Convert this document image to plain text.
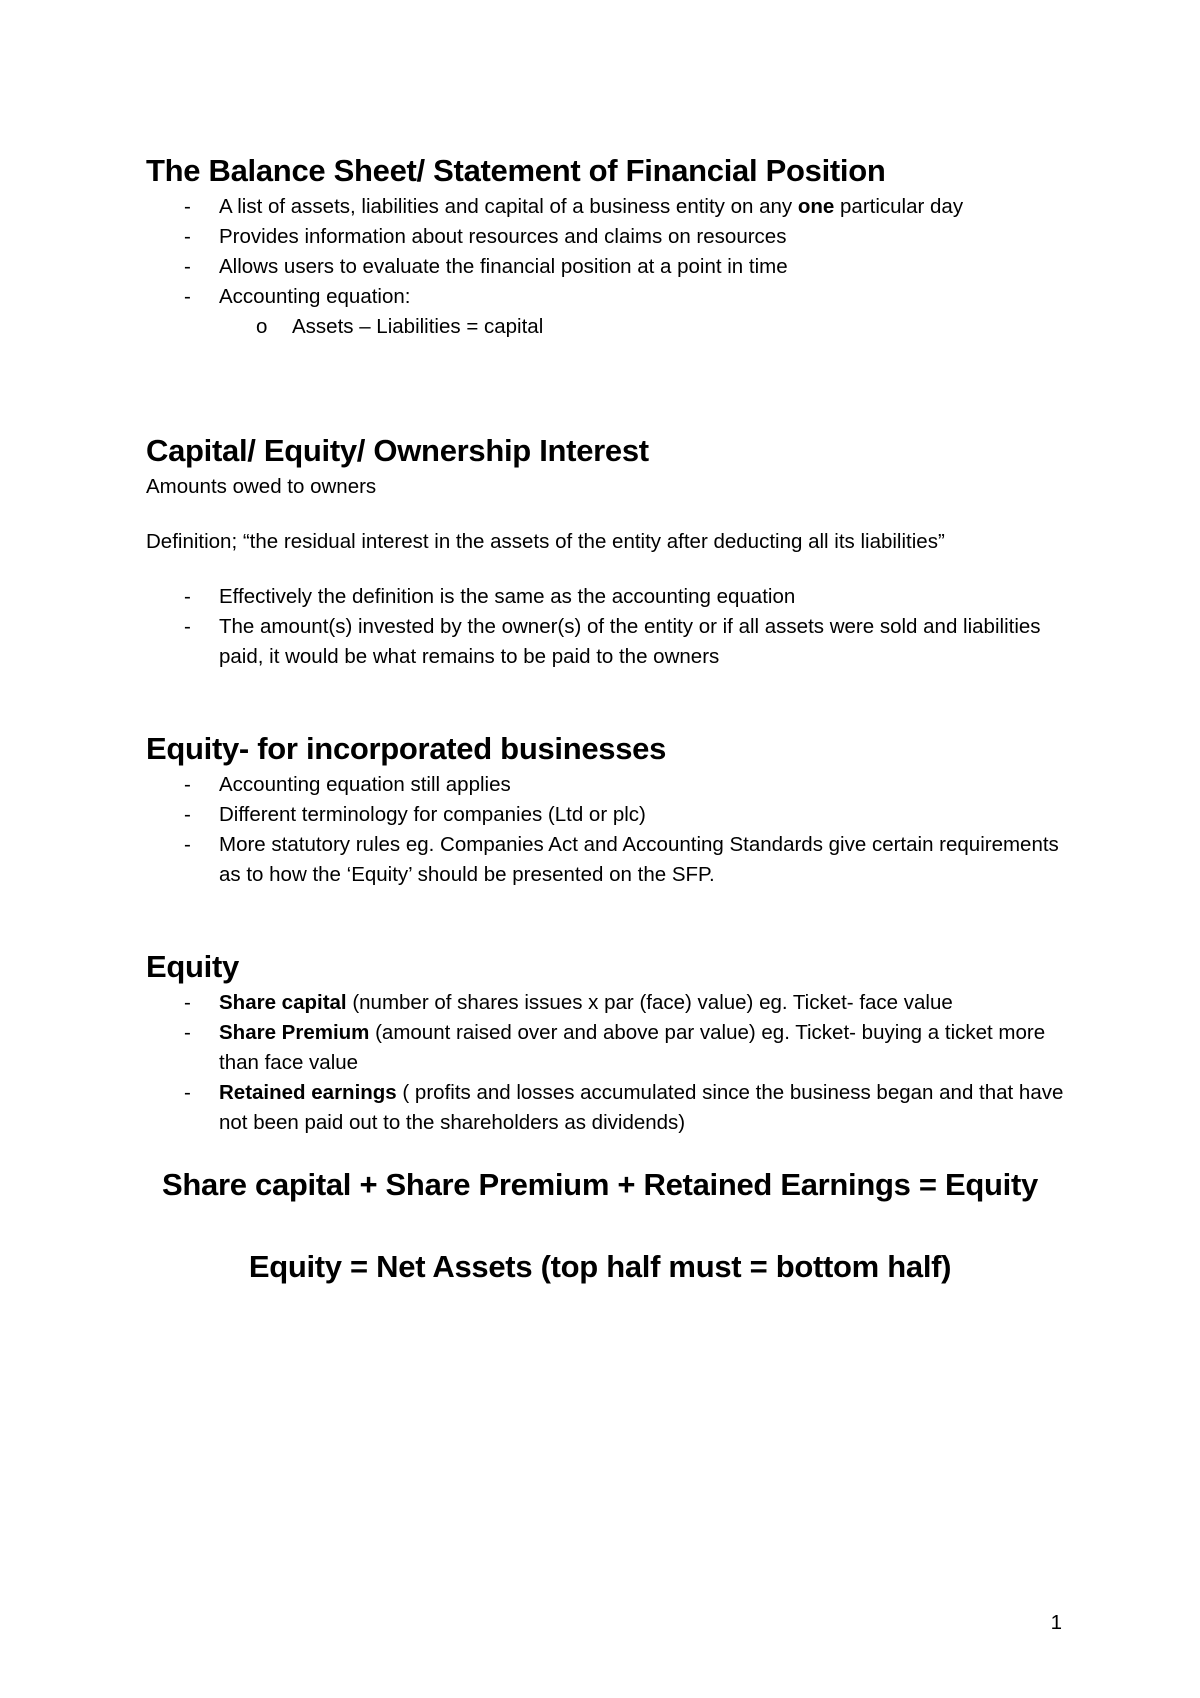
The Balance Sheet/ Statement of Financial Position
- A list of assets, liabilities and capital of a business entity on any one particular day
- Provides information about resources and claims on resources
- Allows users to evaluate the financial position at a point in time
- Accounting equation:
o Assets – Liabilities = capital
Capital/ Equity/ Ownership Interest

Amounts owed to owners

Definition; “the residual interest in the assets of the entity after deducting all its liabilities”

- Effectively the definition is the same as the accounting equation
- The amount(s) invested by the owner(s) of the entity or if all assets were sold and liabilities paid, it would be what remains to be paid to the owners
Equity- for incorporated businesses
- Accounting equation still applies
- Different terminology for companies (Ltd or plc)
- More statutory rules eg. Companies Act and Accounting Standards give certain requirements as to how the ‘Equity’ should be presented on the SFP.
Equity
- Share capital (number of shares issues x par (face) value) eg. Ticket- face value
- Share Premium (amount raised over and above par value) eg. Ticket- buying a ticket more than face value
- Retained earnings ( profits and losses accumulated since the business began and that have not been paid out to the shareholders as dividends)

Share capital + Share Premium + Retained Earnings = Equity

Equity = Net Assets (top half must = bottom half)

1
